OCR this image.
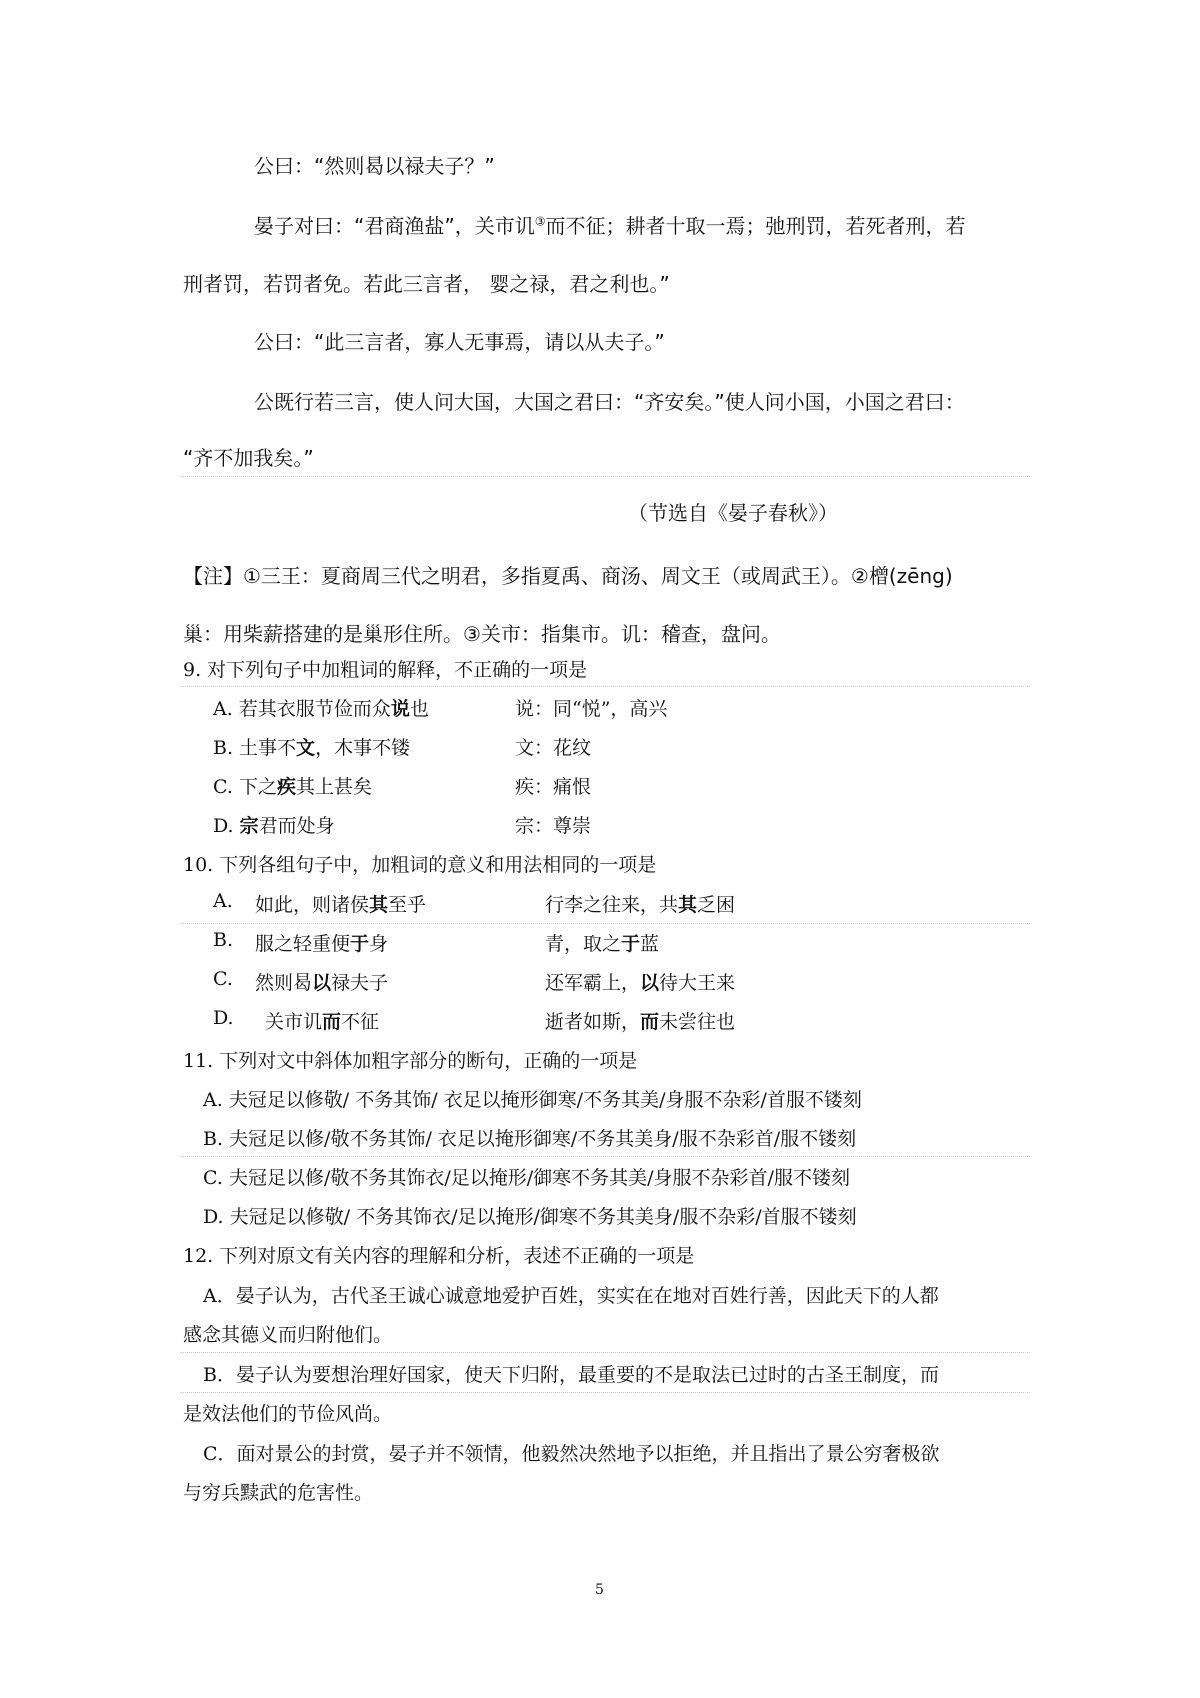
公曰：“然则曷以禄夫子？”
晏子对曰：“君商渔盐”，关市讥③而不征；耕者十取一焉；弛刑罚，若死者刑，若
刑者罚，若罚者免。若此三言者， 婴之禄，君之利也。”
公曰：“此三言者，寡人无事焉，请以从夫子。”
公既行若三言，使人问大国，大国之君曰：“齐安矣。”使人问小国，小国之君曰：
“齐不加我矣。”
（节选自《晏子春秋》）
【注】①三王：夏商周三代之明君，多指夏禹、商汤、周文王（或周武王）。②橧(zēng)
巢：用柴薪搭建的是巢形住所。③关市：指集市。讥：稽查，盘问。
9. 对下列句子中加粗词的解释，不正确的一项是
A. 若其衣服节俭而众说也	说：同“悦”，高兴
B. 土事不文，木事不镂	文：花纹
C. 下之疾其上甚矣	疾：痛恨
D. 宗君而处身	宗：尊崇
10. 下列各组句子中，加粗词的意义和用法相同的一项是
A. 如此，则诸侯其至乎	行李之往来，共其乏困
B. 服之轻重便于身	青，取之于蓝
C. 然则曷以禄夫子	还军霸上，以待大王来
D. 关市讥而不征	逝者如斯，而未尝往也
11. 下列对文中斜体加粗字部分的断句，正确的一项是
A. 夫冠足以修敬/ 不务其饰/ 衣足以掩形御寒/不务其美/身服不杂彩/首服不镂刻
B. 夫冠足以修/敬不务其饰/ 衣足以掩形御寒/不务其美身/服不杂彩首/服不镂刻
C. 夫冠足以修/敬不务其饰衣/足以掩形/御寒不务其美/身服不杂彩首/服不镂刻
D. 夫冠足以修敬/ 不务其饰衣/足以掩形/御寒不务其美身/服不杂彩/首服不镂刻
12. 下列对原文有关内容的理解和分析，表述不正确的一项是
A．晏子认为，古代圣王诚心诚意地爱护百姓，实实在在地对百姓行善，因此天下的人都
感念其德义而归附他们。
B．晏子认为要想治理好国家，使天下归附，最重要的不是取法已过时的古圣王制度，而
是效法他们的节俭风尚。
C．面对景公的封赏，晏子并不领情，他毅然决然地予以拒绝，并且指出了景公穷奢极欲
与穷兵黩武的危害性。
5
